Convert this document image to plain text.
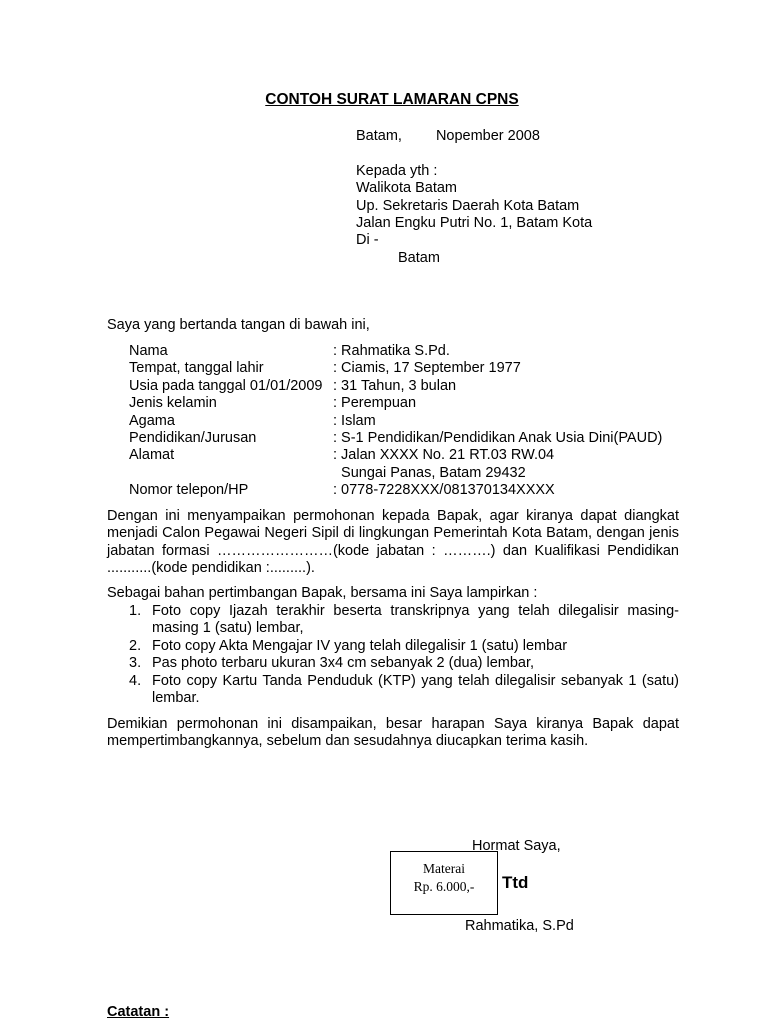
CONTOH SURAT LAMARAN CPNS
Batam, Nopember 2008
Kepada yth :
Walikota Batam
Up. Sekretaris Daerah Kota Batam
Jalan Engku Putri No. 1, Batam Kota
Di -
Batam
Saya yang bertanda tangan di bawah ini,
Nama	: Rahmatika S.Pd.
Tempat, tanggal lahir	: Ciamis, 17 September 1977
Usia pada tanggal 01/01/2009 : 31 Tahun, 3 bulan
Jenis kelamin	: Perempuan
Agama	: Islam
Pendidikan/Jurusan	: S-1 Pendidikan/Pendidikan Anak Usia Dini(PAUD)
Alamat	: Jalan XXXX No. 21 RT.03 RW.04
Sungai Panas, Batam 29432
Nomor telepon/HP	: 0778-7228XXX/081370134XXXX
Dengan ini menyampaikan permohonan kepada Bapak, agar kiranya dapat diangkat menjadi Calon Pegawai Negeri Sipil di lingkungan Pemerintah Kota Batam, dengan jenis jabatan formasi ……………………(kode jabatan : ……….) dan Kualifikasi Pendidikan ...........(kode pendidikan :.........).
Sebagai bahan pertimbangan Bapak, bersama ini Saya lampirkan :
1. Foto copy Ijazah terakhir beserta transkripnya yang telah dilegalisir masing-masing 1 (satu) lembar,
2. Foto copy Akta Mengajar IV yang telah dilegalisir 1 (satu) lembar
3. Pas photo terbaru ukuran 3x4 cm sebanyak 2 (dua) lembar,
4. Foto copy Kartu Tanda Penduduk (KTP) yang telah dilegalisir sebanyak 1 (satu) lembar.
Demikian permohonan ini disampaikan, besar harapan Saya kiranya Bapak dapat mempertimbangkannya, sebelum dan sesudahnya diucapkan terima kasih.
Hormat Saya,
Materai
Rp. 6.000,-	Ttd
Rahmatika, S.Pd
Catatan :
